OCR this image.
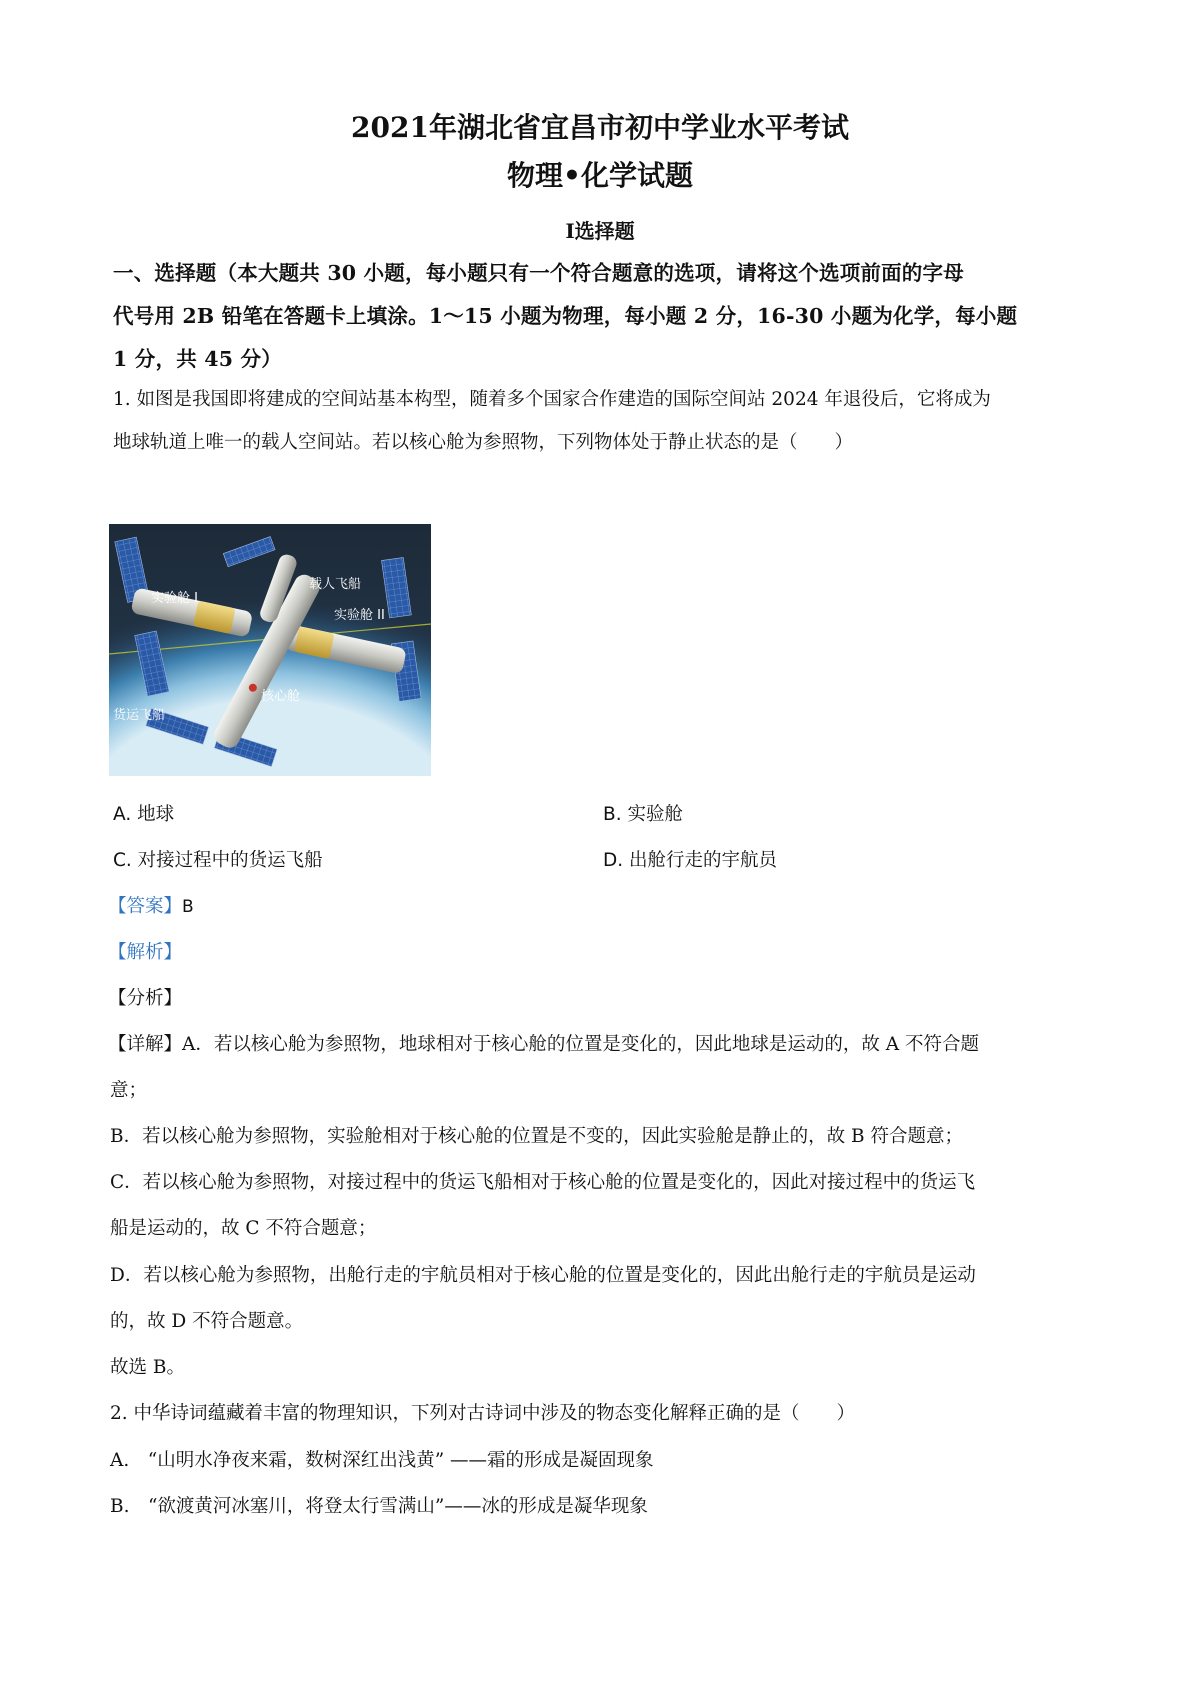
2021年湖北省宜昌市初中学业水平考试
物理•化学试题
I选择题
一、选择题（本大题共 30 小题，每小题只有一个符合题意的选项，请将这个选项前面的字母
代号用 2B 铅笔在答题卡上填涂。1～15 小题为物理，每小题 2 分，16-30 小题为化学，每小题
1 分，共 45 分）
1. 如图是我国即将建成的空间站基本构型，随着多个国家合作建造的国际空间站 2024 年退役后，它将成为
地球轨道上唯一的载人空间站。若以核心舱为参照物，下列物体处于静止状态的是（　　）
实验舱 I
载人飞船
实验舱 II
核心舱
货运飞船
A. 地球	B. 实验舱
C. 对接过程中的货运飞船	D. 出舱行走的宇航员
【答案】B
【解析】
【分析】
【详解】A．若以核心舱为参照物，地球相对于核心舱的位置是变化的，因此地球是运动的，故 A 不符合题
意；
B．若以核心舱为参照物，实验舱相对于核心舱的位置是不变的，因此实验舱是静止的，故 B 符合题意；
C．若以核心舱为参照物，对接过程中的货运飞船相对于核心舱的位置是变化的，因此对接过程中的货运飞
船是运动的，故 C 不符合题意；
D．若以核心舱为参照物，出舱行走的宇航员相对于核心舱的位置是变化的，因此出舱行走的宇航员是运动
的，故 D 不符合题意。
故选 B。
2. 中华诗词蕴藏着丰富的物理知识，下列对古诗词中涉及的物态变化解释正确的是（　　）
A.　“山明水净夜来霜，数树深红出浅黄” ——霜的形成是凝固现象
B.　“欲渡黄河冰塞川，将登太行雪满山”——冰的形成是凝华现象
